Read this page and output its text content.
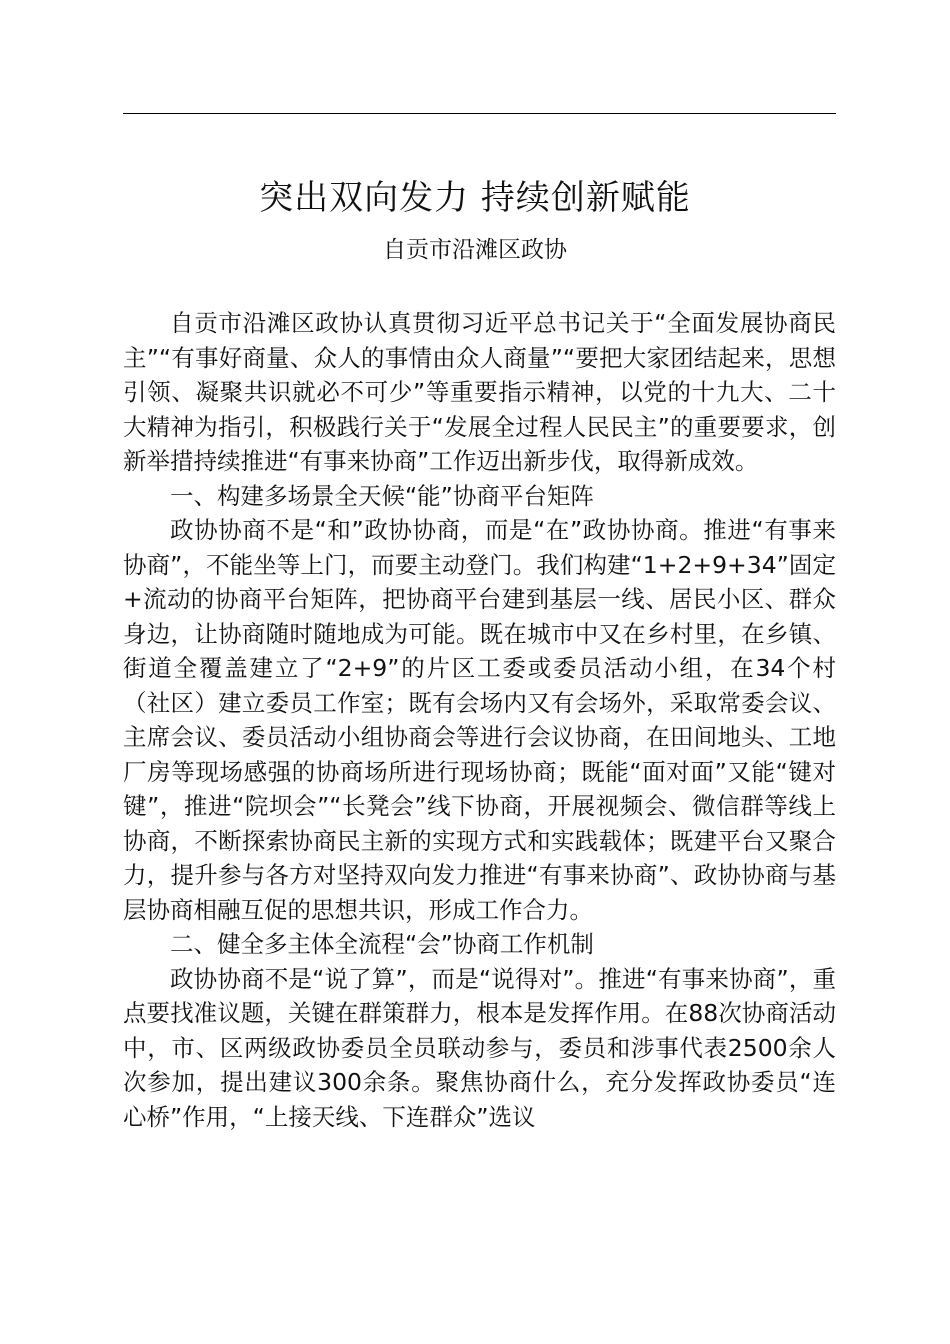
突出双向发力 持续创新赋能
自贡市沿滩区政协

自贡市沿滩区政协认真贯彻习近平总书记关于“全面发展协商民主”“有事好商量、众人的事情由众人商量”“要把大家团结起来，思想引领、凝聚共识就必不可少”等重要指示精神，以党的十九大、二十大精神为指引，积极践行关于“发展全过程人民民主”的重要要求，创新举措持续推进“有事来协商”工作迈出新步伐，取得新成效。

一、构建多场景全天候“能”协商平台矩阵

政协协商不是“和”政协协商，而是“在”政协协商。推进“有事来协商”，不能坐等上门，而要主动登门。我们构建“1+2+9+34”固定+流动的协商平台矩阵，把协商平台建到基层一线、居民小区、群众身边，让协商随时随地成为可能。既在城市中又在乡村里，在乡镇、街道全覆盖建立了“2+9”的片区工委或委员活动小组，在34个村（社区）建立委员工作室；既有会场内又有会场外，采取常委会议、主席会议、委员活动小组协商会等进行会议协商，在田间地头、工地厂房等现场感强的协商场所进行现场协商；既能“面对面”又能“键对键”，推进“院坝会”“长凳会”线下协商，开展视频会、微信群等线上协商，不断探索协商民主新的实现方式和实践载体；既建平台又聚合力，提升参与各方对坚持双向发力推进“有事来协商”、政协协商与基层协商相融互促的思想共识，形成工作合力。

二、健全多主体全流程“会”协商工作机制

政协协商不是“说了算”，而是“说得对”。推进“有事来协商”，重点要找准议题，关键在群策群力，根本是发挥作用。在88次协商活动中，市、区两级政协委员全员联动参与，委员和涉事代表2500余人次参加，提出建议300余条。聚焦协商什么，充分发挥政协委员“连心桥”作用，“上接天线、下连群众”选议
